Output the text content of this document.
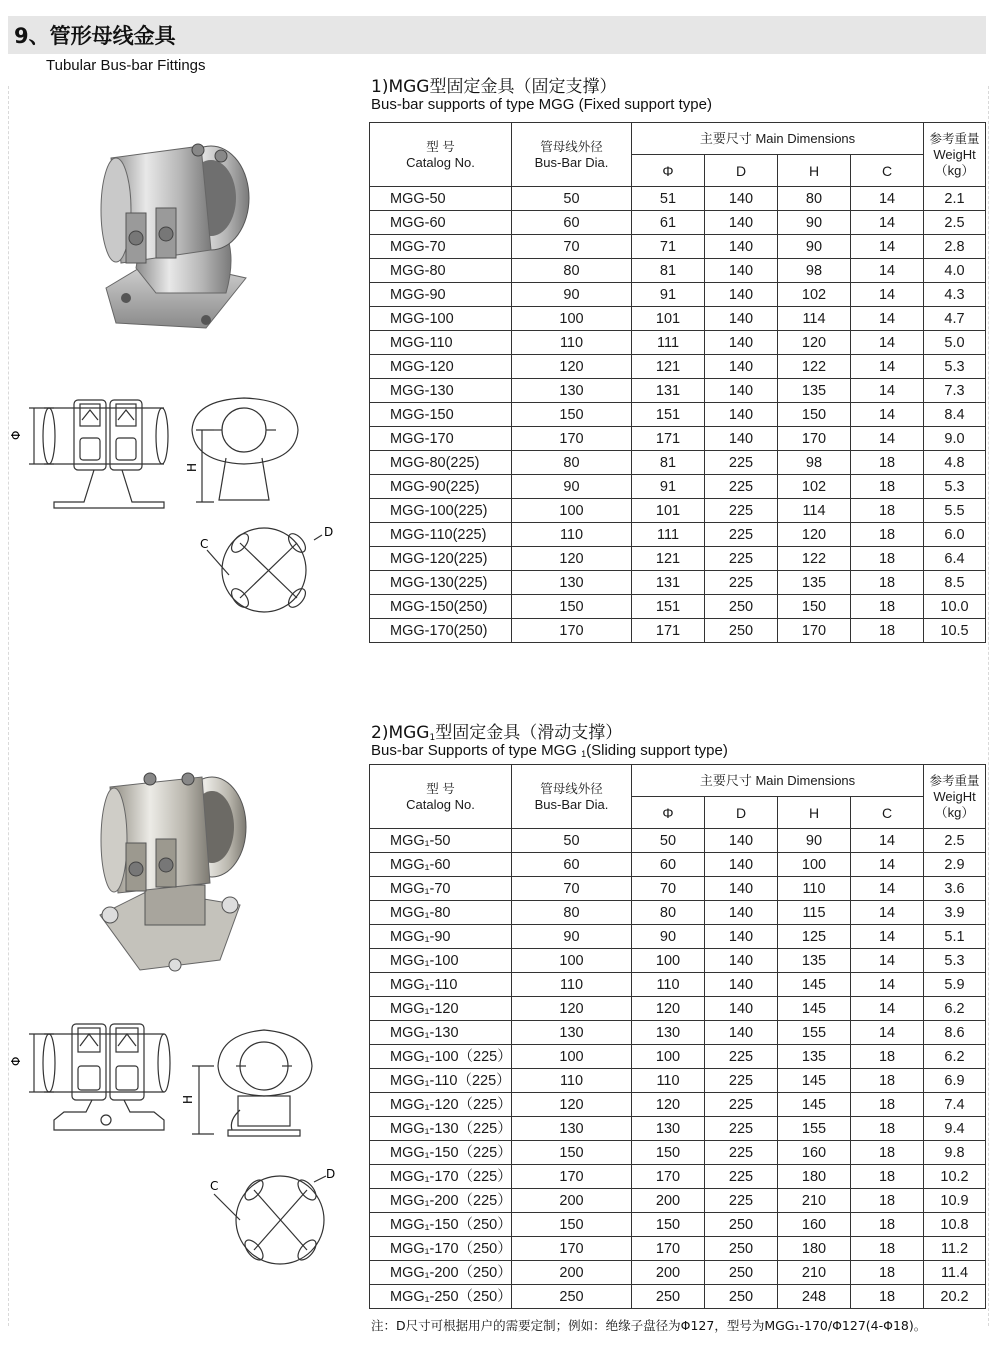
9、管形母线金具
Tubular Bus-bar Fittings
1)MGG型固定金具（固定支撑）
Bus-bar supports of type MGG (Fixed support type)
型 号
Catalog No.	管母线外径
Bus-Bar Dia.	主要尺寸 Main Dimensions				参考重量
WeigHt
（kg）

		Φ	D	H	C	
MGG-50	50	51	140	80	14	2.1
MGG-60	60	61	140	90	14	2.5
MGG-70	70	71	140	90	14	2.8
MGG-80	80	81	140	98	14	4.0
MGG-90	90	91	140	102	14	4.3
MGG-100	100	101	140	114	14	4.7
MGG-110	110	111	140	120	14	5.0
MGG-120	120	121	140	122	14	5.3
MGG-130	130	131	140	135	14	7.3
MGG-150	150	151	140	150	14	8.4
MGG-170	170	171	140	170	14	9.0
MGG-80(225)	80	81	225	98	18	4.8
MGG-90(225)	90	91	225	102	18	5.3
MGG-100(225)	100	101	225	114	18	5.5
MGG-110(225)	110	111	225	120	18	6.0
MGG-120(225)	120	121	225	122	18	6.4
MGG-130(225)	130	131	225	135	18	8.5
MGG-150(250)	150	151	250	150	18	10.0
MGG-170(250)	170	171	250	170	18	10.5
Φ
H
C
D
2)MGG1型固定金具（滑动支撑）
Bus-bar Supports of type MGG 1(Sliding support type)
型 号
Catalog No.	管母线外径
Bus-Bar Dia.	主要尺寸 Main Dimensions				参考重量
WeigHt
（kg）

		Φ	D	H	C	
MGG₁-50	50	50	140	90	14	2.5
MGG₁-60	60	60	140	100	14	2.9
MGG₁-70	70	70	140	110	14	3.6
MGG₁-80	80	80	140	115	14	3.9
MGG₁-90	90	90	140	125	14	5.1
MGG₁-100	100	100	140	135	14	5.3
MGG₁-110	110	110	140	145	14	5.9
MGG₁-120	120	120	140	145	14	6.2
MGG₁-130	130	130	140	155	14	8.6
MGG₁-100（225）	100	100	225	135	18	6.2
MGG₁-110（225）	110	110	225	145	18	6.9
MGG₁-120（225）	120	120	225	145	18	7.4
MGG₁-130（225）	130	130	225	155	18	9.4
MGG₁-150（225）	150	150	225	160	18	9.8
MGG₁-170（225）	170	170	225	180	18	10.2
MGG₁-200（225）	200	200	225	210	18	10.9
MGG₁-150（250）	150	150	250	160	18	10.8
MGG₁-170（250）	170	170	250	180	18	11.2
MGG₁-200（250）	200	200	250	210	18	11.4
MGG₁-250（250）	250	250	250	248	18	20.2
Φ
H
C
D
注：D尺寸可根据用户的需要定制；例如：绝缘子盘径为Φ127，型号为MGG₁-170/Φ127(4-Φ18)。
